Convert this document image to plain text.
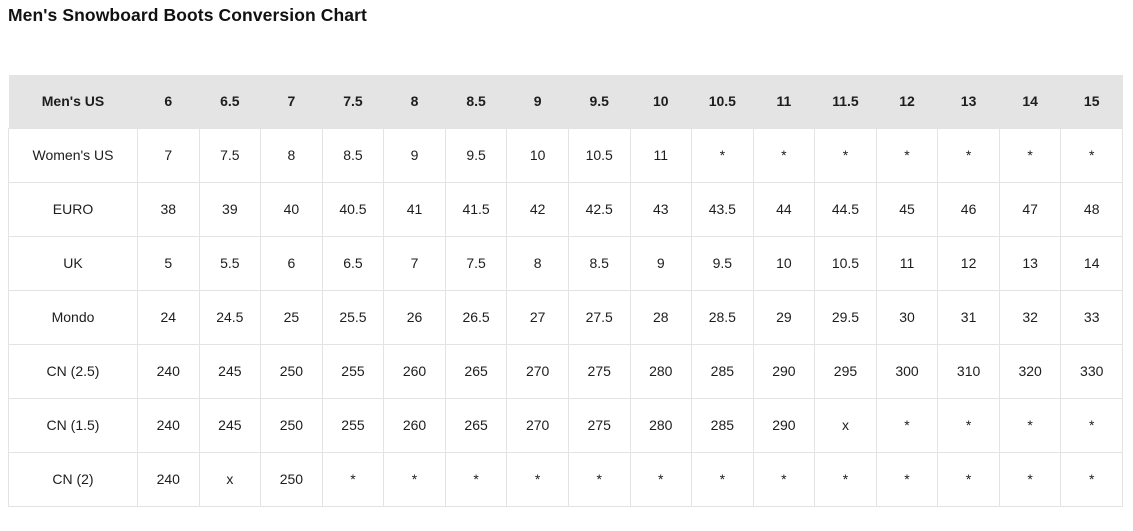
Men's Snowboard Boots Conversion Chart
Men's US	6	6.5	7	7.5	8	8.5	9	9.5	10	10.5	11	11.5	12	13	14	15
Women's US	7	7.5	8	8.5	9	9.5	10	10.5	11	*	*	*	*	*	*	*
EURO	38	39	40	40.5	41	41.5	42	42.5	43	43.5	44	44.5	45	46	47	48
UK	5	5.5	6	6.5	7	7.5	8	8.5	9	9.5	10	10.5	11	12	13	14
Mondo	24	24.5	25	25.5	26	26.5	27	27.5	28	28.5	29	29.5	30	31	32	33
CN (2.5)	240	245	250	255	260	265	270	275	280	285	290	295	300	310	320	330
CN (1.5)	240	245	250	255	260	265	270	275	280	285	290	x	*	*	*	*
CN (2)	240	x	250	*	*	*	*	*	*	*	*	*	*	*	*	*
